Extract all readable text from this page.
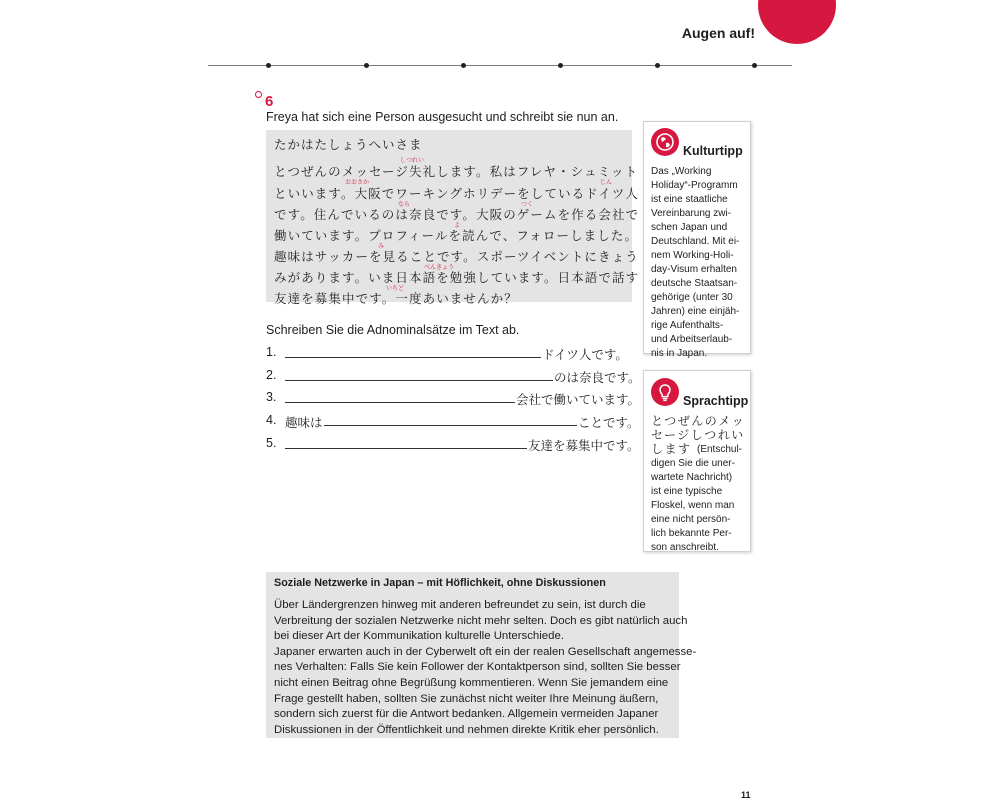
Augen auf!
6
Freya hat sich eine Person ausgesucht und schreibt sie nun an.
たかはたしょうへいさま
しつれい
とつぜんのメッセージ失礼します。私はフレヤ・シュミット
おおさか	じん
といいます。大阪でワーキングホリデーをしているドイツ人
なら	つく
です。住んでいるのは奈良です。大阪のゲームを作る会社で
よ
働いています。プロフィールを読んで、フォローしました。
み
趣味はサッカーを見ることです。スポーツイベントにきょう
べんきょう
みがあります。いま日本語を勉強しています。日本語で話す
いちど
友達を募集中です。一度あいませんか？
Schreiben Sie die Adnominalsätze im Text ab.
1.	ドイツ人です。
2.	のは奈良です。
3.	会社で働いています。
4. 趣味は	ことです。
5.	友達を募集中です。
Kulturtipp
Das „Working
Holiday“-Programm
ist eine staatliche
Vereinbarung zwi-
schen Japan und
Deutschland. Mit ei-
nem Working-Holi-
day-Visum erhalten
deutsche Staatsan-
gehörige (unter 30
Jahren) eine einjäh-
rige Aufenthalts-
und Arbeitserlaub-
nis in Japan.
Sprachtipp
とつぜんのメッ
セージしつれい
します (Entschul-
digen Sie die uner-
wartete Nachricht)
ist eine typische
Floskel, wenn man
eine nicht persön-
lich bekannte Per-
son anschreibt.
Soziale Netzwerke in Japan – mit Höflichkeit, ohne Diskussionen
Über Ländergrenzen hinweg mit anderen befreundet zu sein, ist durch die
Verbreitung der sozialen Netzwerke nicht mehr selten. Doch es gibt natürlich auch
bei dieser Art der Kommunikation kulturelle Unterschiede.
Japaner erwarten auch in der Cyberwelt oft ein der realen Gesellschaft angemesse-
nes Verhalten: Falls Sie kein Follower der Kontaktperson sind, sollten Sie besser
nicht einen Beitrag ohne Begrüßung kommentieren. Wenn Sie jemandem eine
Frage gestellt haben, sollten Sie zunächst nicht weiter Ihre Meinung äußern,
sondern sich zuerst für die Antwort bedanken. Allgemein vermeiden Japaner
Diskussionen in der Öffentlichkeit und nehmen direkte Kritik eher persönlich.
11
